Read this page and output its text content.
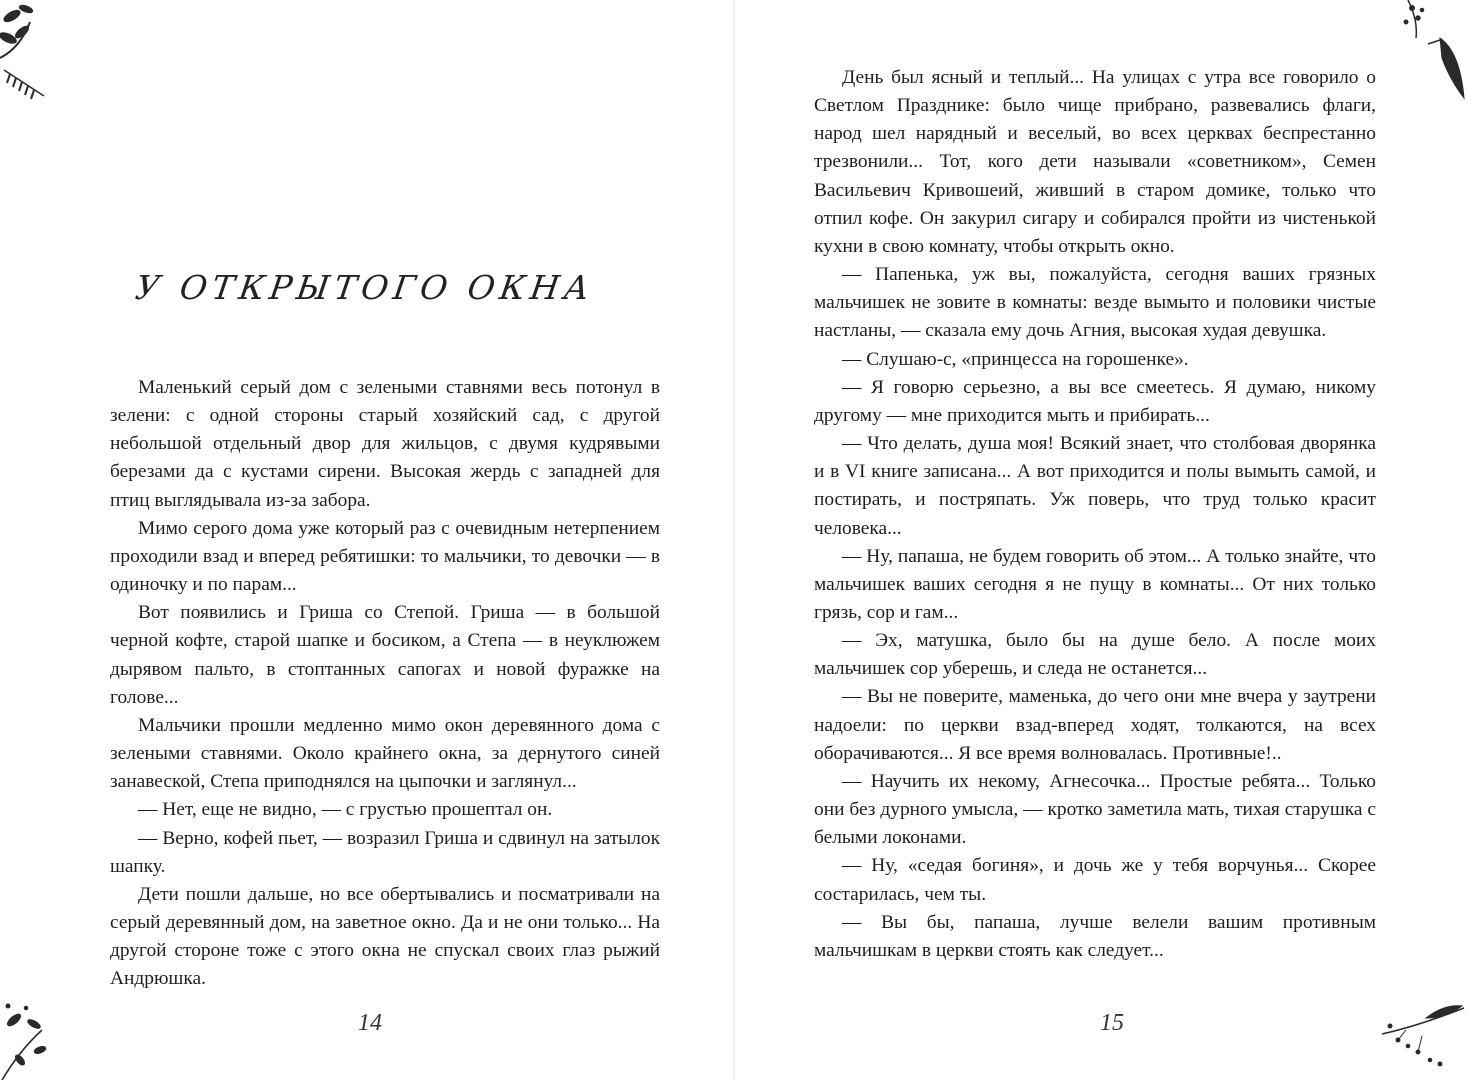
У ОТКРЫТОГО ОКНА

Маленький серый дом с зелеными ставнями весь потонул в зелени: с одной стороны старый хозяйский сад, с другой небольшой отдельный двор для жильцов, с двумя кудрявыми березами да с кустами сирени. Высокая жердь с западней для птиц выглядывала из-за забора.

Мимо серого дома уже который раз с очевидным нетерпением проходили взад и вперед ребятишки: то мальчики, то девочки — в одиночку и по парам...

Вот появились и Гриша со Степой. Гриша — в большой черной кофте, старой шапке и босиком, а Степа — в неуклюжем дырявом пальто, в стоптанных сапогах и новой фуражке на голове...

Мальчики прошли медленно мимо окон деревянного дома с зелеными ставнями. Около крайнего окна, за дернутого синей занавеской, Степа приподнялся на цыпочки и заглянул...

— Нет, еще не видно, — с грустью прошептал он.

— Верно, кофей пьет, — возразил Гриша и сдвинул на затылок шапку.

Дети пошли дальше, но все обертывались и посматривали на серый деревянный дом, на заветное окно. Да и не они только... На другой стороне тоже с этого окна не спускал своих глаз рыжий Андрюшка.

14

День был ясный и теплый... На улицах с утра все говорило о Светлом Празднике: было чище прибрано, развевались флаги, народ шел нарядный и веселый, во всех церквах беспрестанно трезвонили... Тот, кого дети называли «советником», Семен Васильевич Кривошеий, живший в старом домике, только что отпил кофе. Он закурил сигару и собирался пройти из чистенькой кухни в свою комнату, чтобы открыть окно.

— Папенька, уж вы, пожалуйста, сегодня ваших грязных мальчишек не зовите в комнаты: везде вымыто и половики чистые настланы, — сказала ему дочь Агния, высокая худая девушка.

— Слушаю-с, «принцесса на горошенке».

— Я говорю серьезно, а вы все смеетесь. Я думаю, никому другому — мне приходится мыть и прибирать...

— Что делать, душа моя! Всякий знает, что столбовая дворянка и в VI книге записана... А вот приходится и полы вымыть самой, и постирать, и постряпать. Уж поверь, что труд только красит человека...

— Ну, папаша, не будем говорить об этом... А только знайте, что мальчишек ваших сегодня я не пущу в комнаты... От них только грязь, сор и гам...

— Эх, матушка, было бы на душе бело. А после моих мальчишек сор уберешь, и следа не останется...

— Вы не поверите, маменька, до чего они мне вчера у заутрени надоели: по церкви взад-вперед ходят, толкаются, на всех оборачиваются... Я все время волновалась. Противные!..

— Научить их некому, Агнесочка... Простые ребята... Только они без дурного умысла, — кротко заметила мать, тихая старушка с белыми локонами.

— Ну, «седая богиня», и дочь же у тебя ворчунья... Скорее состарилась, чем ты.

— Вы бы, папаша, лучше велели вашим противным мальчишкам в церкви стоять как следует...

15
